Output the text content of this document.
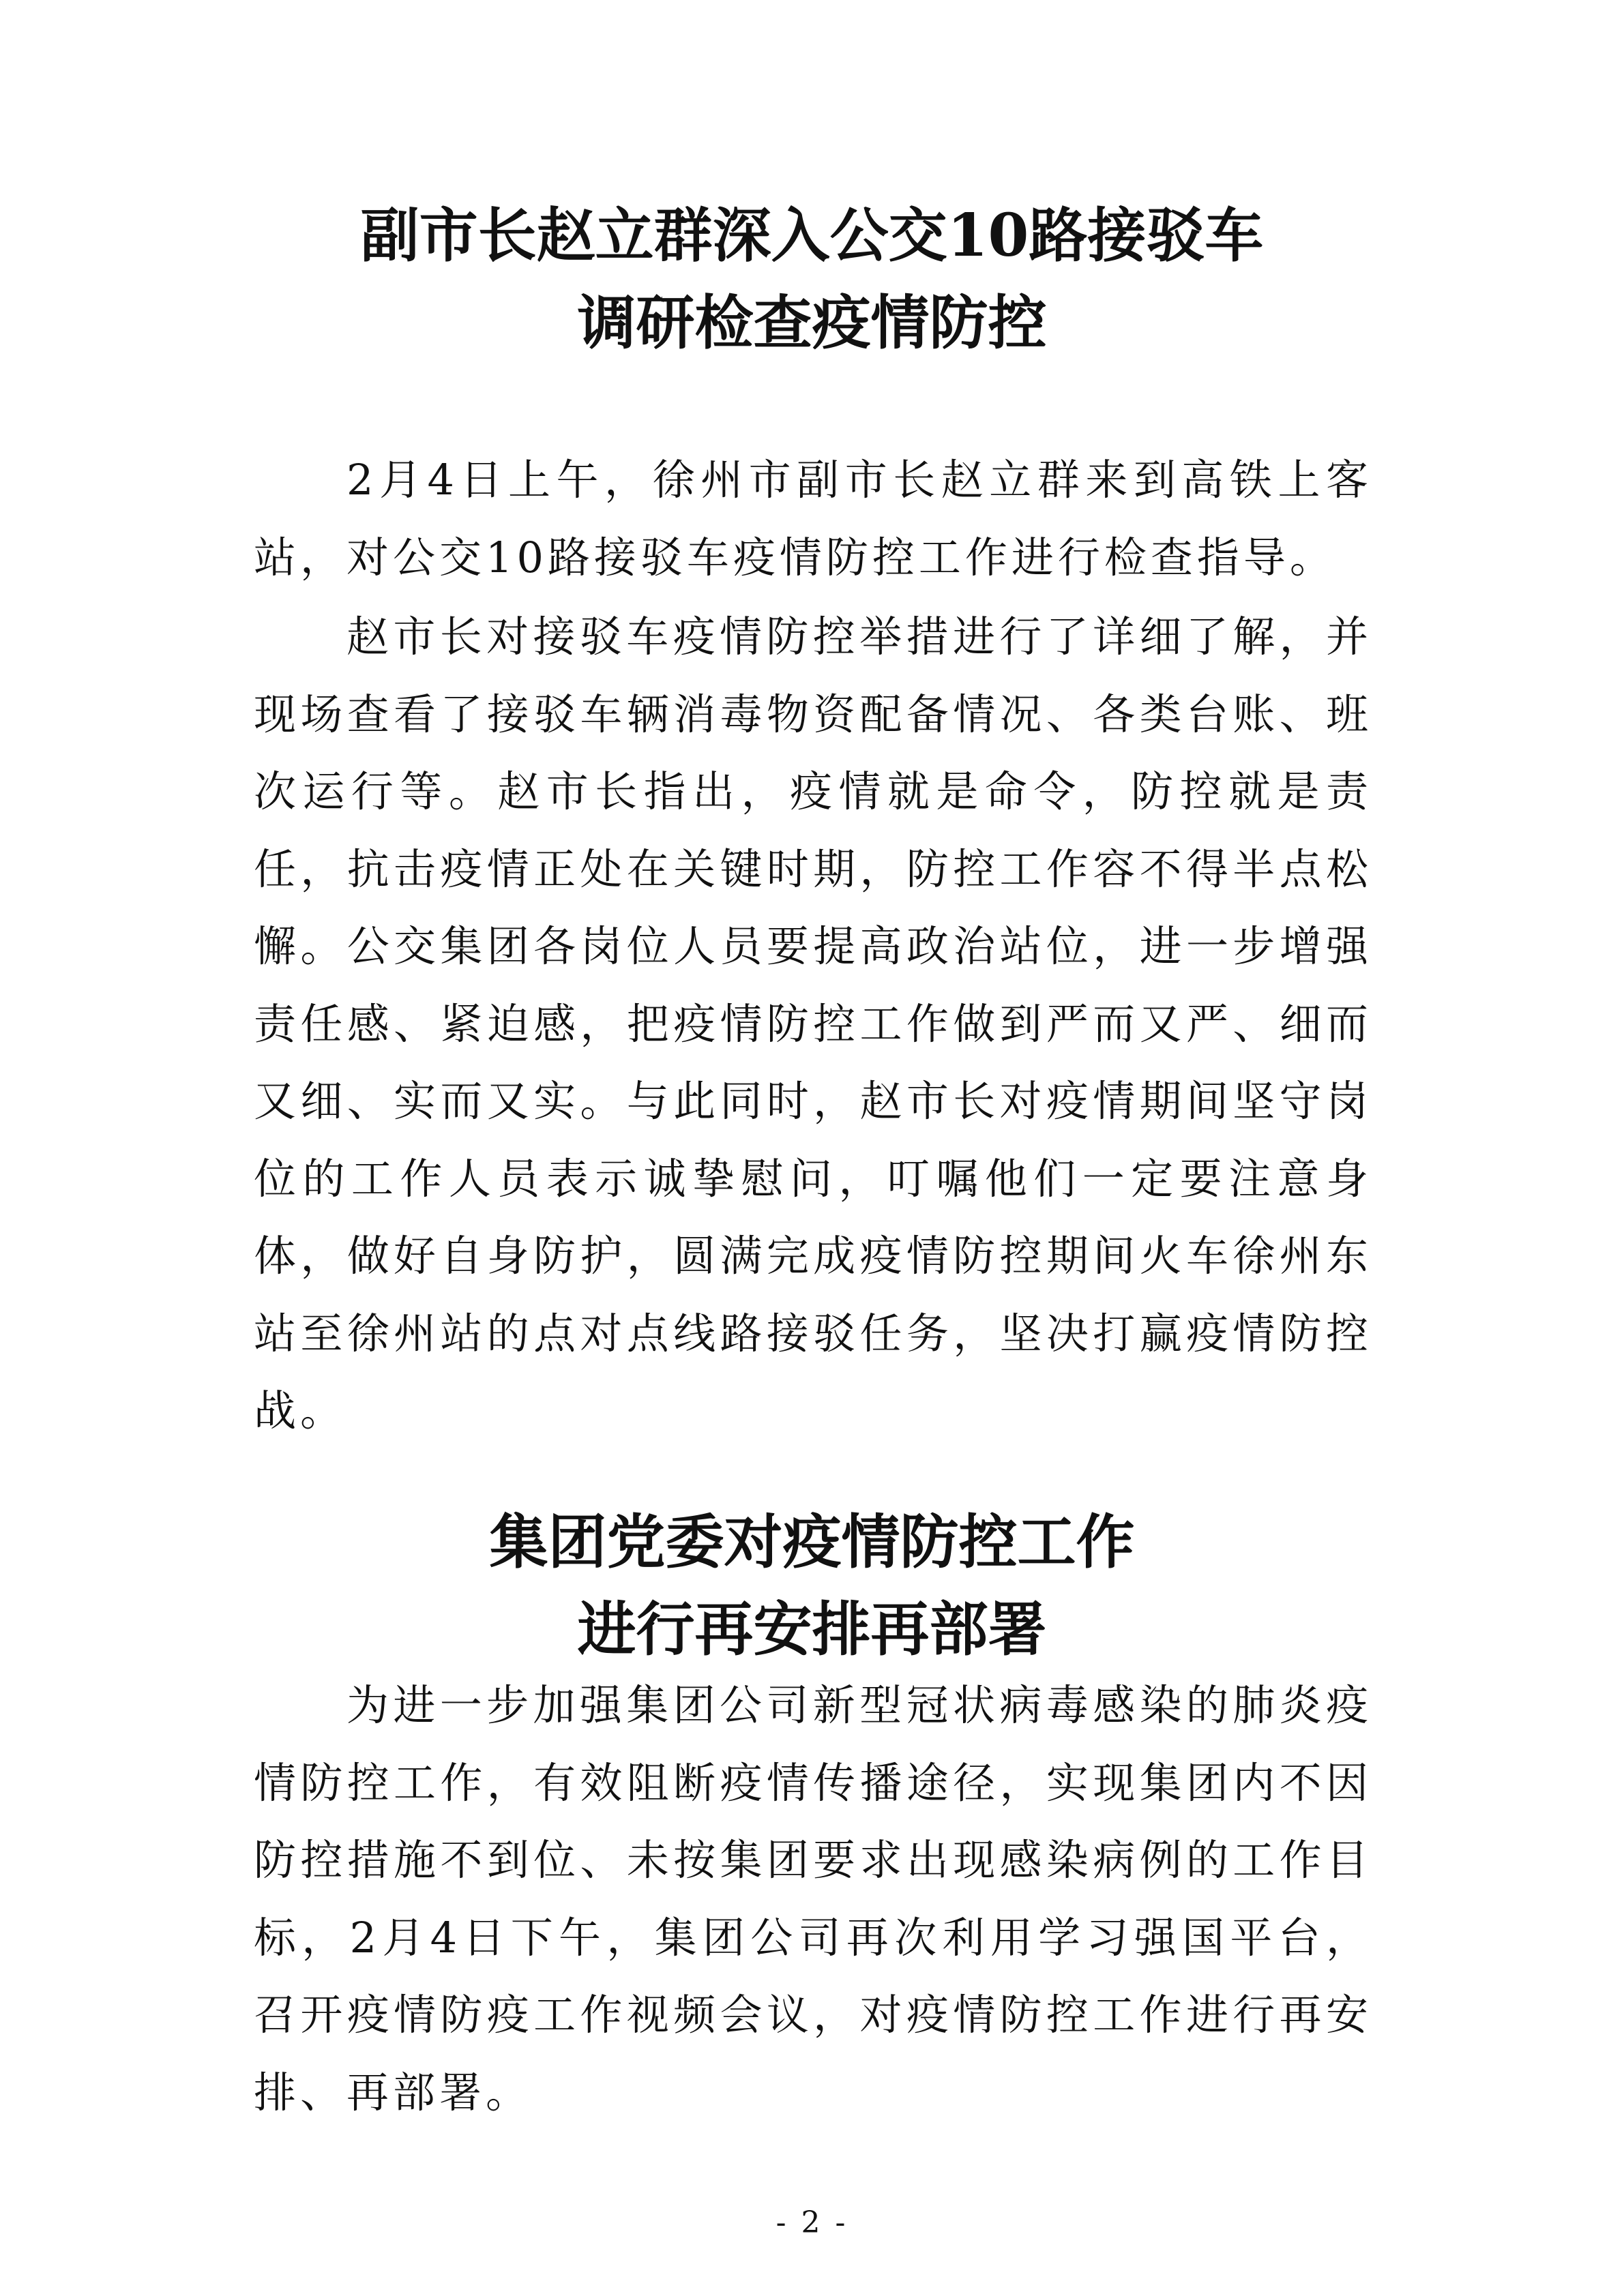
副市长赵立群深入公交10路接驳车
调研检查疫情防控

2月4日上午，徐州市副市长赵立群来到高铁上客站，对公交10路接驳车疫情防控工作进行检查指导。

赵市长对接驳车疫情防控举措进行了详细了解，并现场查看了接驳车辆消毒物资配备情况、各类台账、班次运行等。赵市长指出，疫情就是命令，防控就是责任，抗击疫情正处在关键时期，防控工作容不得半点松懈。公交集团各岗位人员要提高政治站位，进一步增强责任感、紧迫感，把疫情防控工作做到严而又严、细而又细、实而又实。与此同时，赵市长对疫情期间坚守岗位的工作人员表示诚挚慰问，叮嘱他们一定要注意身体，做好自身防护，圆满完成疫情防控期间火车徐州东站至徐州站的点对点线路接驳任务，坚决打赢疫情防控战。

集团党委对疫情防控工作
进行再安排再部署

为进一步加强集团公司新型冠状病毒感染的肺炎疫情防控工作，有效阻断疫情传播途径，实现集团内不因防控措施不到位、未按集团要求出现感染病例的工作目标，2月4日下午，集团公司再次利用学习强国平台，召开疫情防疫工作视频会议，对疫情防控工作进行再安排、再部署。

- 2 -
